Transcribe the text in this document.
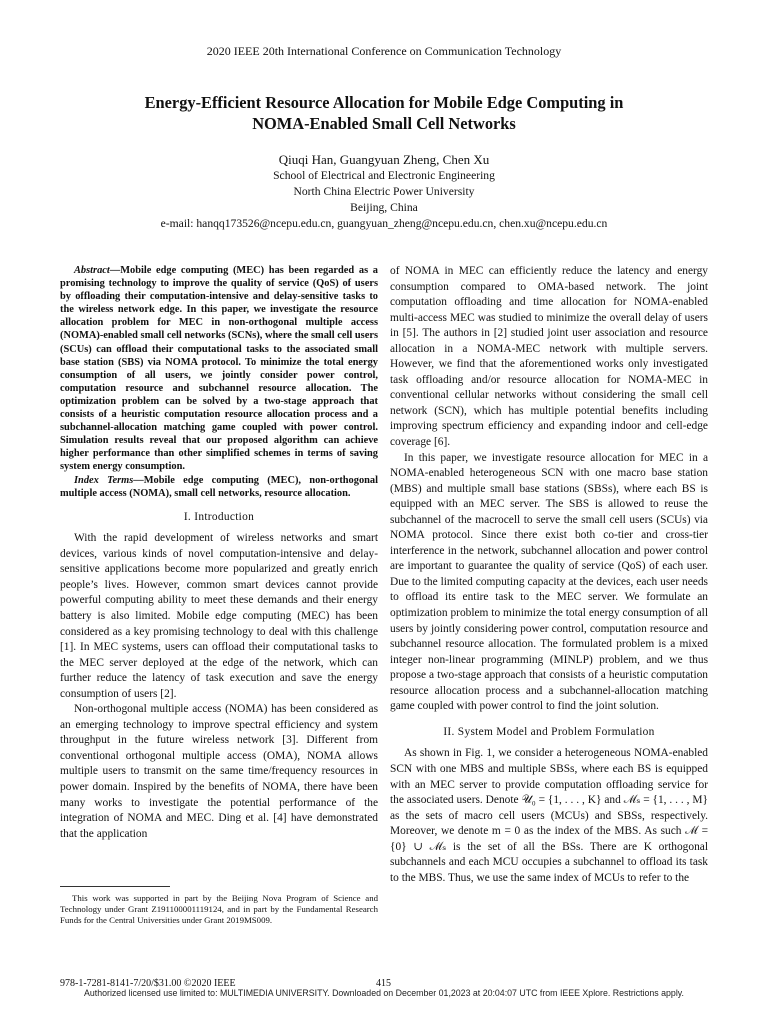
2020 IEEE 20th International Conference on Communication Technology
Energy-Efficient Resource Allocation for Mobile Edge Computing in
NOMA-Enabled Small Cell Networks
Qiuqi Han, Guangyuan Zheng, Chen Xu
School of Electrical and Electronic Engineering
North China Electric Power University
Beijing, China
e-mail: hanqq173526@ncepu.edu.cn, guangyuan_zheng@ncepu.edu.cn, chen.xu@ncepu.edu.cn

Abstract—Mobile edge computing (MEC) has been regarded as a promising technology to improve the quality of service (QoS) of users by offloading their computation-intensive and delay-sensitive tasks to the wireless network edge. In this paper, we investigate the resource allocation problem for MEC in non-orthogonal multiple access (NOMA)-enabled small cell networks (SCNs), where the small cell users (SCUs) can offload their computational tasks to the associated small base station (SBS) via NOMA protocol. To minimize the total energy consumption of all users, we jointly consider power control, computation resource and subchannel resource allocation. The optimization problem can be solved by a two-stage approach that consists of a heuristic computation resource allocation process and a subchannel-allocation matching game coupled with power control. Simulation results reveal that our proposed algorithm can achieve higher performance than other simplified schemes in terms of saving system energy consumption.

Index Terms—Mobile edge computing (MEC), non-orthogonal multiple access (NOMA), small cell networks, resource allocation.

I. Introduction

With the rapid development of wireless networks and smart devices, various kinds of novel computation-intensive and delay-sensitive applications become more popularized and greatly enrich people’s lives. However, common smart devices cannot provide powerful computing ability to meet these demands and their energy battery is also limited. Mobile edge computing (MEC) has been considered as a key promising technology to deal with this challenge [1]. In MEC systems, users can offload their computational tasks to the MEC server deployed at the edge of the network, which can further reduce the latency of task execution and save the energy consumption of users [2].

Non-orthogonal multiple access (NOMA) has been considered as an emerging technology to improve spectral efficiency and system throughput in the future wireless network [3]. Different from conventional orthogonal multiple access (OMA), NOMA allows multiple users to transmit on the same time/frequency resources in power domain. Inspired by the benefits of NOMA, there have been many works to investigate the potential performance of the integration of NOMA and MEC. Ding et al. [4] have demonstrated that the application

This work was supported in part by the Beijing Nova Program of Science and Technology under Grant Z191100001119124, and in part by the Fundamental Research Funds for the Central Universities under Grant 2019MS009.

of NOMA in MEC can efficiently reduce the latency and energy consumption compared to OMA-based network. The joint computation offloading and time allocation for NOMA-enabled multi-access MEC was studied to minimize the overall delay of users in [5]. The authors in [2] studied joint user association and resource allocation in a NOMA-MEC network with multiple servers. However, we find that the aforementioned works only investigated task offloading and/or resource allocation for NOMA-MEC in conventional cellular networks without considering the small cell network (SCN), which has multiple potential benefits including improving spectrum efficiency and expanding indoor and cell-edge coverage [6].

In this paper, we investigate resource allocation for MEC in a NOMA-enabled heterogeneous SCN with one macro base station (MBS) and multiple small base stations (SBSs), where each BS is equipped with an MEC server. The SBS is allowed to reuse the subchannel of the macrocell to serve the small cell users (SCUs) via NOMA protocol. Since there exist both co-tier and cross-tier interference in the network, subchannel allocation and power control are important to guarantee the quality of service (QoS) of each user. Due to the limited computing capacity at the devices, each user needs to offload its entire task to the MEC server. We formulate an optimization problem to minimize the total energy consumption of all users by jointly considering power control, computation resource and subchannel resource allocation. The formulated problem is a mixed integer non-linear programming (MINLP) problem, and we thus propose a two-stage approach that consists of a heuristic computation resource allocation process and a subchannel-allocation matching game coupled with power control to find the joint solution.

II. System Model and Problem Formulation

As shown in Fig. 1, we consider a heterogeneous NOMA-enabled SCN with one MBS and multiple SBSs, where each BS is equipped with an MEC server to provide computation offloading service for the associated users. Denote 𝒰₀ = {1, . . . , K} and ℳₛ = {1, . . . , M} as the sets of macro cell users (MCUs) and SBSs, respectively. Moreover, we denote m = 0 as the index of the MBS. As such ℳ = {0} ∪ ℳₛ is the set of all the BSs. There are K orthogonal subchannels and each MCU occupies a subchannel to offload its task to the MBS. Thus, we use the same index of MCUs to refer to the

978-1-7281-8141-7/20/$31.00 ©2020 IEEE	415
Authorized licensed use limited to: MULTIMEDIA UNIVERSITY. Downloaded on December 01,2023 at 20:04:07 UTC from IEEE Xplore. Restrictions apply.
